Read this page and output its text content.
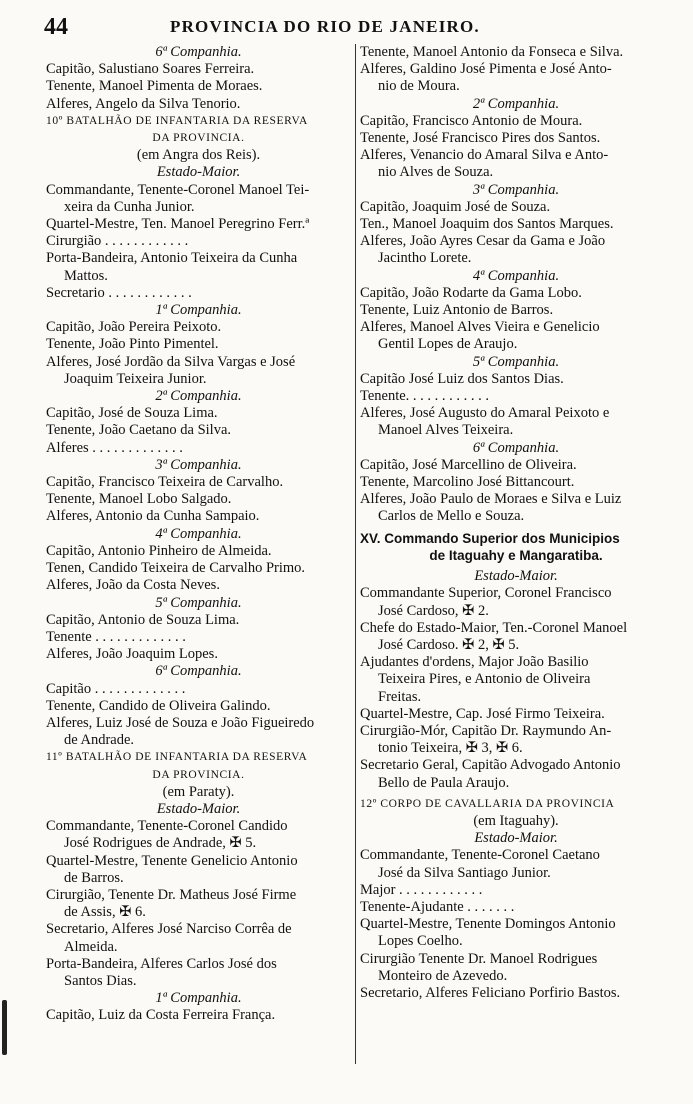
44	PROVINCIA DO RIO DE JANEIRO.
6ª Companhia.
Capitão, Salustiano Soares Ferreira.
Tenente, Manoel Pimenta de Moraes.
Alferes, Angelo da Silva Tenorio.
10º BATALHÃO DE INFANTARIA DA RESERVA
DA PROVINCIA.
(em Angra dos Reis).
Estado-Maior.
Commandante, Tenente-Coronel Manoel Tei-
xeira da Cunha Junior.
Quartel-Mestre, Ten. Manoel Peregrino Ferr.ª
Cirurgião . . . . . . . . . . . .
Porta-Bandeira, Antonio Teixeira da Cunha
Mattos.
Secretario . . . . . . . . . . . .
1ª Companhia.
Capitão, João Pereira Peixoto.
Tenente, João Pinto Pimentel.
Alferes, José Jordão da Silva Vargas e José
Joaquim Teixeira Junior.
2ª Companhia.
Capitão, José de Souza Lima.
Tenente, João Caetano da Silva.
Alferes . . . . . . . . . . . . .
3ª Companhia.
Capitão, Francisco Teixeira de Carvalho.
Tenente, Manoel Lobo Salgado.
Alferes, Antonio da Cunha Sampaio.
4ª Companhia.
Capitão, Antonio Pinheiro de Almeida.
Tenen, Candido Teixeira de Carvalho Primo.
Alferes, João da Costa Neves.
5ª Companhia.
Capitão, Antonio de Souza Lima.
Tenente . . . . . . . . . . . . .
Alferes, João Joaquim Lopes.
6ª Companhia.
Capitão . . . . . . . . . . . . .
Tenente, Candido de Oliveira Galindo.
Alferes, Luiz José de Souza e João Figueiredo
de Andrade.
11º BATALHÃO DE INFANTARIA DA RESERVA
DA PROVINCIA.
(em Paraty).
Estado-Maior.
Commandante, Tenente-Coronel Candido
José Rodrigues de Andrade, ✠ 5.
Quartel-Mestre, Tenente Genelicio Antonio
de Barros.
Cirurgião, Tenente Dr. Matheus José Firme
de Assis, ✠ 6.
Secretario, Alferes José Narciso Corrêa de
Almeida.
Porta-Bandeira, Alferes Carlos José dos
Santos Dias.
1ª Companhia.
Capitão, Luiz da Costa Ferreira França.
Tenente, Manoel Antonio da Fonseca e Silva.
Alferes, Galdino José Pimenta e José Anto-
nio de Moura.
2ª Companhia.
Capitão, Francisco Antonio de Moura.
Tenente, José Francisco Pires dos Santos.
Alferes, Venancio do Amaral Silva e Anto-
nio Alves de Souza.
3ª Companhia.
Capitão, Joaquim José de Souza.
Ten., Manoel Joaquim dos Santos Marques.
Alferes, João Ayres Cesar da Gama e João
Jacintho Lorete.
4ª Companhia.
Capitão, João Rodarte da Gama Lobo.
Tenente, Luiz Antonio de Barros.
Alferes, Manoel Alves Vieira e Genelicio
Gentil Lopes de Araujo.
5ª Companhia.
Capitão José Luiz dos Santos Dias.
Tenente. . . . . . . . . . . .
Alferes, José Augusto do Amaral Peixoto e
Manoel Alves Teixeira.
6ª Companhia.
Capitão, José Marcellino de Oliveira.
Tenente, Marcolino José Bittancourt.
Alferes, João Paulo de Moraes e Silva e Luiz
Carlos de Mello e Souza.
XV. Commando Superior dos Municipios
de Itaguahy e Mangaratiba.
Estado-Maior.
Commandante Superior, Coronel Francisco
José Cardoso, ✠ 2.
Chefe do Estado-Maior, Ten.-Coronel Manoel
José Cardoso. ✠ 2, ✠ 5.
Ajudantes d'ordens, Major João Basilio
Teixeira Pires, e Antonio de Oliveira
Freitas.
Quartel-Mestre, Cap. José Firmo Teixeira.
Cirurgião-Mór, Capitão Dr. Raymundo An-
tonio Teixeira, ✠ 3, ✠ 6.
Secretario Geral, Capitão Advogado Antonio
Bello de Paula Araujo.
12º CORPO DE CAVALLARIA DA PROVINCIA
(em Itaguahy).
Estado-Maior.
Commandante, Tenente-Coronel Caetano
José da Silva Santiago Junior.
Major . . . . . . . . . . . .
Tenente-Ajudante . . . . . . .
Quartel-Mestre, Tenente Domingos Antonio
Lopes Coelho.
Cirurgião Tenente Dr. Manoel Rodrigues
Monteiro de Azevedo.
Secretario, Alferes Feliciano Porfirio Bastos.
